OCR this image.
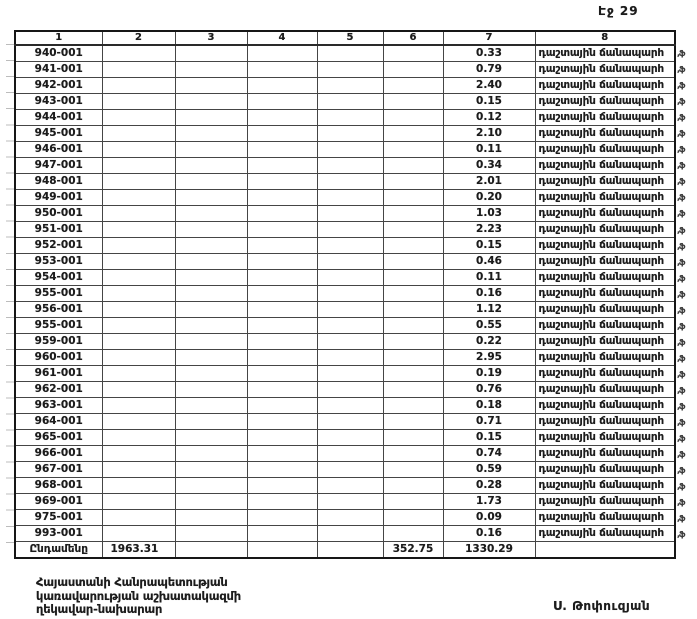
Էջ 29
1	2	3	4	5	6	7	8
940-001						0.33	դաշտային ճանապարհ
941-001						0.79	դաշտային ճանապարհ
942-001						2.40	դաշտային ճանապարհ
943-001						0.15	դաշտային ճանապարհ
944-001						0.12	դաշտային ճանապարհ
945-001						2.10	դաշտային ճանապարհ
946-001						0.11	դաշտային ճանապարհ
947-001						0.34	դաշտային ճանապարհ
948-001						2.01	դաշտային ճանապարհ
949-001						0.20	դաշտային ճանապարհ
950-001						1.03	դաշտային ճանապարհ
951-001						2.23	դաշտային ճանապարհ
952-001						0.15	դաշտային ճանապարհ
953-001						0.46	դաշտային ճանապարհ
954-001						0.11	դաշտային ճանապարհ
955-001						0.16	դաշտային ճանապարհ
956-001						1.12	դաշտային ճանապարհ
955-001						0.55	դաշտային ճանապարհ
959-001						0.22	դաշտային ճանապարհ
960-001						2.95	դաշտային ճանապարհ
961-001						0.19	դաշտային ճանապարհ
962-001						0.76	դաշտային ճանապարհ
963-001						0.18	դաշտային ճանապարհ
964-001						0.71	դաշտային ճանապարհ
965-001						0.15	դաշտային ճանապարհ
966-001						0.74	դաշտային ճանապարհ
967-001						0.59	դաշտային ճանապարհ
968-001						0.28	դաշտային ճանապարհ
969-001						1.73	դաշտային ճանապարհ
975-001						0.09	դաշտային ճանապարհ
993-001						0.16	դաշտային ճանապարհ
Ընդամենը	1963.31				352.75	1330.29	
,ֆ
,ֆ
,ֆ
,ֆ
,ֆ
,ֆ
,ֆ
,ֆ
,ֆ
,ֆ
,ֆ
,ֆ
,ֆ
,ֆ
,ֆ
,ֆ
,ֆ
,ֆ
,ֆ
,ֆ
,ֆ
,ֆ
,ֆ
,ֆ
,ֆ
,ֆ
,ֆ
,ֆ
,ֆ
,ֆ
,ֆ
Հայաստանի Հանրապետության
կառավարության աշխատակազմի
ղեկավար-նախարար	Ս. Թոփուզյան
